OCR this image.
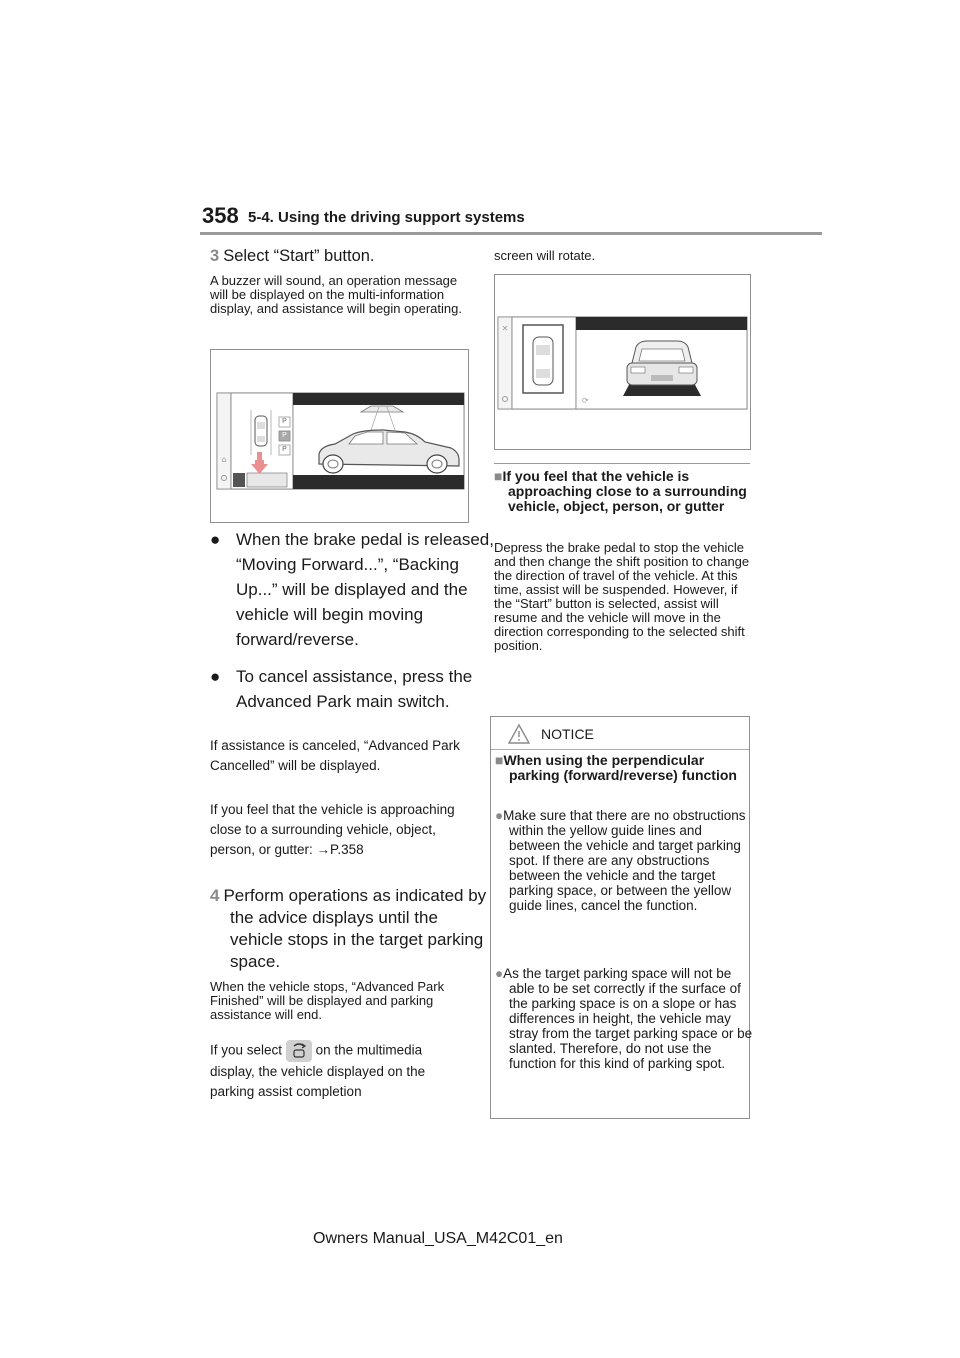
358 5-4. Using the driving support systems
3 Select “Start” button.
A buzzer will sound, an operation message will be displayed on the multi-information display, and assistance will begin operating.
⌂
P
P
P
● When the brake pedal is released, “Moving Forward...”, “Backing Up...” will be displayed and the vehicle will begin moving forward/reverse.
● To cancel assistance, press the Advanced Park main switch.
If assistance is canceled, “Advanced Park Cancelled” will be displayed.
If you feel that the vehicle is approaching close to a surrounding vehicle, object, person, or gutter: →P.358
4 Perform operations as indicated by the advice displays until the vehicle stops in the target parking space.
When the vehicle stops, “Advanced Park Finished” will be displayed and parking assistance will end.
If you select on the multimedia display, the vehicle displayed on the parking assist completion
screen will rotate.
✕
⟳
■If you feel that the vehicle is approaching close to a surrounding vehicle, object, person, or gutter
Depress the brake pedal to stop the vehicle and then change the shift position to change the direction of travel of the vehicle. At this time, assist will be suspended. However, if the “Start” button is selected, assist will resume and the vehicle will move in the direction corresponding to the selected shift position.
NOTICE
■When using the perpendicular parking (forward/reverse) function
●Make sure that there are no obstructions within the yellow guide lines and between the vehicle and target parking spot. If there are any obstructions between the vehicle and the target parking space, or between the yellow guide lines, cancel the function.
●As the target parking space will not be able to be set correctly if the surface of the parking space is on a slope or has differences in height, the vehicle may stray from the target parking space or be slanted. Therefore, do not use the function for this kind of parking spot.
Owners Manual_USA_M42C01_en
